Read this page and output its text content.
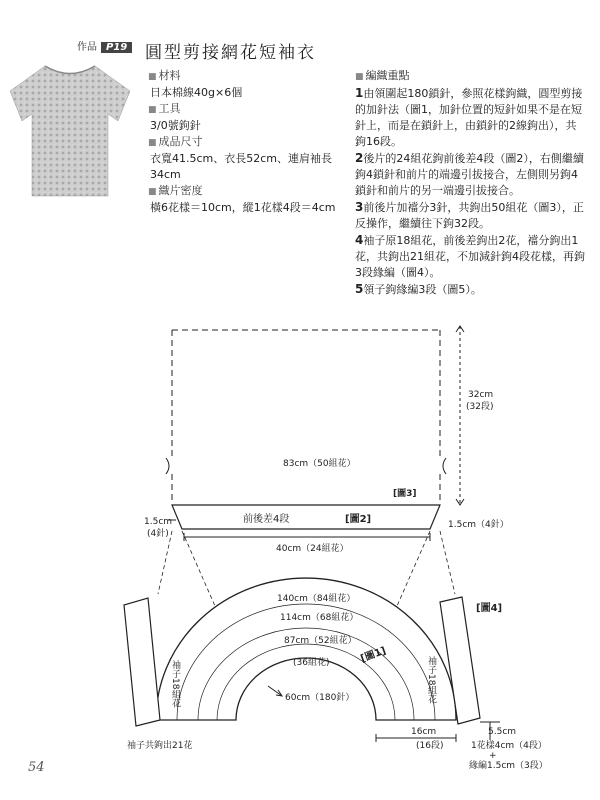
作品 P19 圓型剪接網花短袖衣
■ 材料
日本棉線40g×6個
■ 工具
3/0號鉤針
■ 成品尺寸
衣寬41.5cm、衣長52cm、連肩袖長34cm
■ 織片密度
橫6花樣＝10cm，縱1花樣4段＝4cm
■ 編織重點
1由領圍起180鎖針，參照花樣鉤織，圓型剪接的加針法（圖1，加針位置的短針如果不是在短針上，而是在鎖針上，由鎖針的2線鉤出），共鉤16段。
2後片的24組花鉤前後差4段（圖2），右側繼續鉤4鎖針和前片的端邊引拔接合，左側則另鉤4鎖針和前片的另一端邊引拔接合。
3前後片加襠分3針，共鉤出50組花（圖3），正反操作，繼續往下鉤32段。
4袖子原18組花，前後差鉤出2花，襠分鉤出1花，共鉤出21組花，不加減針鉤4段花樣，再鉤3段緣編（圖4）。
5領子鉤緣編3段（圖5）。
32cm
(32段)
83cm（50組花）
[圖3]
前後差4段	[圖2]
1.5cm
(4針)
1.5cm（4針）
40cm（24組花）
140cm（84組花）
114cm（68組花）
87cm（52組花）
(36組花)	[圖1]
60cm（180針）
袖子18組花	袖子18組花
[圖4]
16cm
(16段)
5.5cm
1花樣4cm（4段）
+
緣編1.5cm（3段）
袖子共鉤出21花
54
